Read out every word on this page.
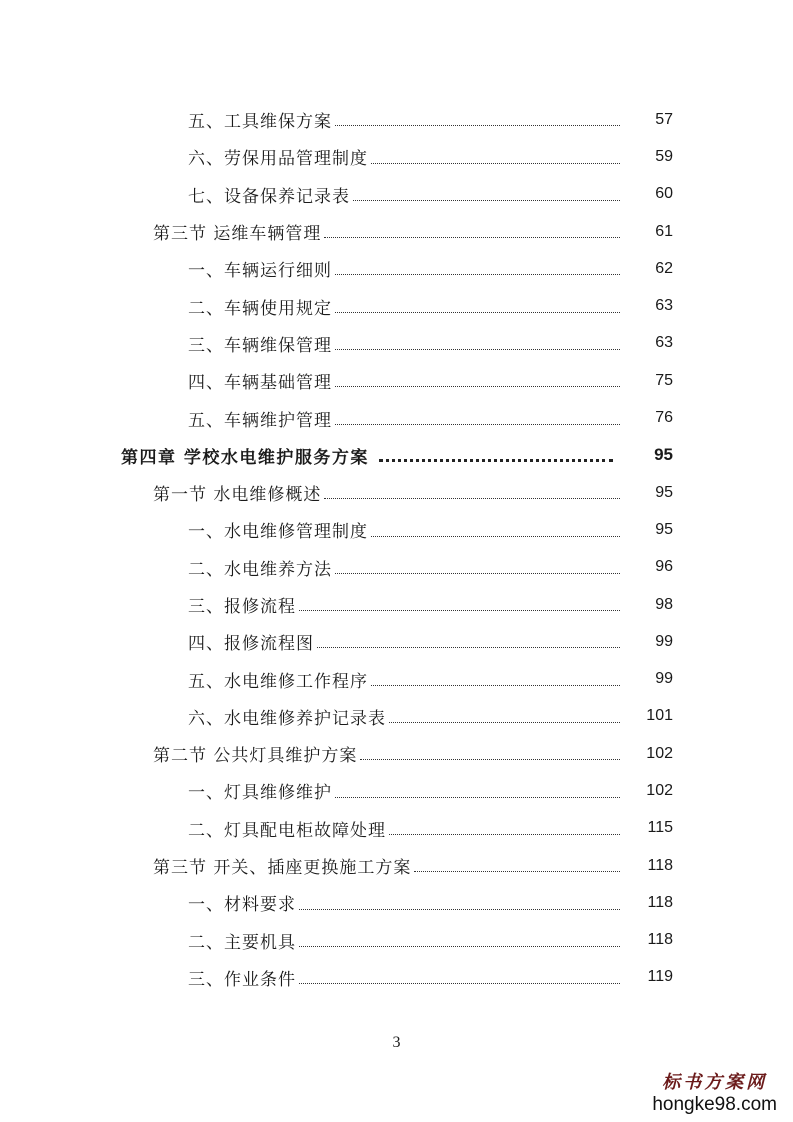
五、工具维保方案	57
六、劳保用品管理制度	59
七、设备保养记录表	60
第三节 运维车辆管理	61
一、车辆运行细则	62
二、车辆使用规定	63
三、车辆维保管理	63
四、车辆基础管理	75
五、车辆维护管理	76
第四章 学校水电维护服务方案	95
第一节 水电维修概述	95
一、水电维修管理制度	95
二、水电维养方法	96
三、报修流程	98
四、报修流程图	99
五、水电维修工作程序	99
六、水电维修养护记录表	101
第二节 公共灯具维护方案	102
一、灯具维修维护	102
二、灯具配电柜故障处理	115
第三节 开关、插座更换施工方案	118
一、材料要求	118
二、主要机具	118
三、作业条件	119
3
标书方案网
hongke98.com
